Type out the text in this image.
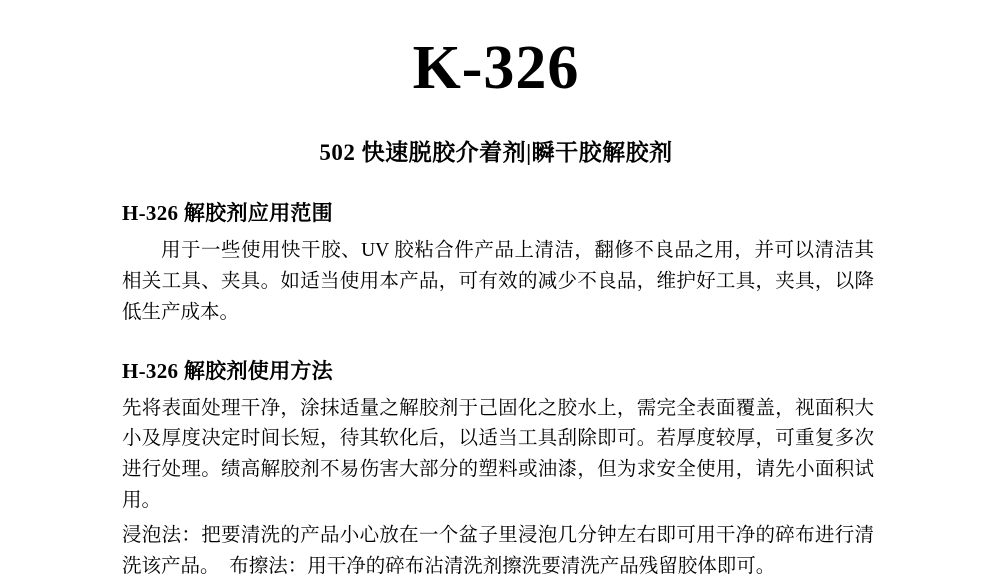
K-326
502 快速脱胶介着剂|瞬干胶解胶剂
H-326 解胶剂应用范围

用于一些使用快干胶、UV 胶粘合件产品上清洁，翻修不良品之用，并可以清洁其相关工具、夹具。如适当使用本产品，可有效的减少不良品，维护好工具，夹具，以降低生产成本。

H-326 解胶剂使用方法

先将表面处理干净，涂抹适量之解胶剂于己固化之胶水上，需完全表面覆盖，视面积大小及厚度决定时间长短，待其软化后，以适当工具刮除即可。若厚度较厚，可重复多次进行处理。绩高解胶剂不易伤害大部分的塑料或油漆，但为求安全使用，请先小面积试用。

浸泡法：把要清洗的产品小心放在一个盆子里浸泡几分钟左右即可用干净的碎布进行清洗该产品。　布擦法：用干净的碎布沾清洗剂擦洗要清洗产品残留胶体即可。
